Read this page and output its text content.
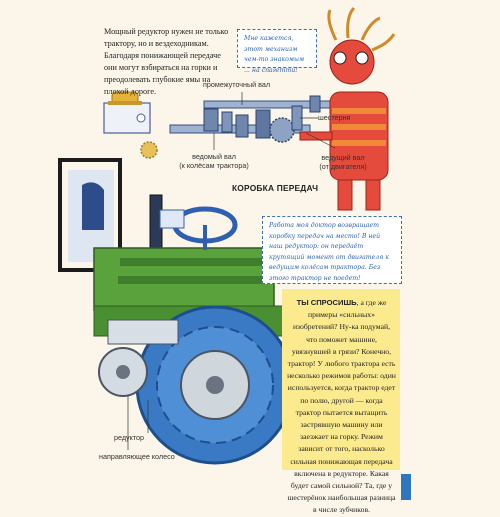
Мощный редуктор нужен не только трактору, но и вездеходникам. Благодаря понижающей передаче они могут взбираться на горки и преодолевать глубокие ямы на плохой дороге.

промежуточный вал
шестерня
ведомый вал
(к колёсам трактора)
ведущий вал
(от двигателя)
КОРОБКА ПЕРЕДАЧ
редуктор
направляющее колесо
Мне кажется, этот механизм чем-то знакомым ... на спагетти!
Работа моя доктор возвращает коробку передач на место! В ней наш редуктор: он передаёт крутящий момент от двигателя к ведущим колёсам трактора. Без этого трактор не поедет!

ТЫ СПРОСИШЬ, а где же примеры «сильных» изобретений? Ну-ка подумай, что поможет машине, увязнувшей в грязи? Конечно, трактор! У любого трактора есть несколько режимов работы: один используется, когда трактор едет по полю, другой — когда трактор пытается вытащить застрявшую машину или заезжает на горку. Режим зависит от того, насколько сильная понижающая передача включена в редукторе. Какая будет самой сильной? Та, где у шестерёнок наибольшая разница в числе зубчиков.
